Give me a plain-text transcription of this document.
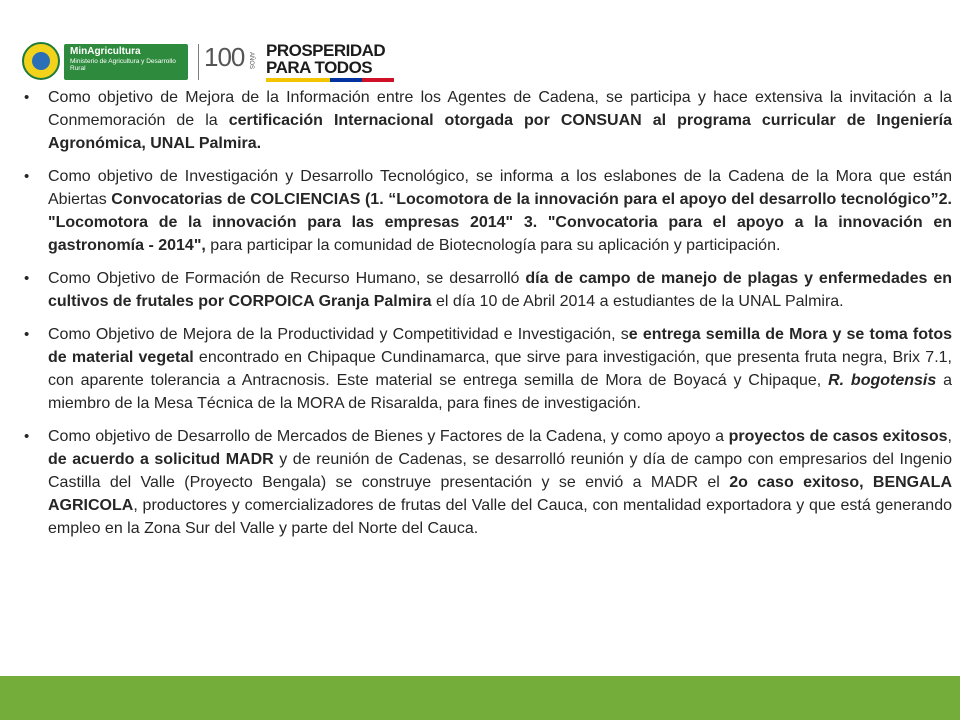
MinAgricultura
Ministerio de Agricultura y Desarrollo Rural	100 AÑOS
PROSPERIDAD
PARA TODOS
• Como objetivo de Mejora de la Información entre los Agentes de Cadena, se participa y hace extensiva la invitación a la Conmemoración de la certificación Internacional otorgada por CONSUAN al programa curricular de Ingeniería Agronómica, UNAL Palmira.
• Como objetivo de Investigación y Desarrollo Tecnológico, se informa a los eslabones de la Cadena de la Mora que están Abiertas Convocatorias de COLCIENCIAS (1. “Locomotora de la innovación para el apoyo del desarrollo tecnológico”2. "Locomotora de la innovación para las empresas 2014" 3. "Convocatoria para el apoyo a la innovación en gastronomía - 2014", para participar la comunidad de Biotecnología para su aplicación y participación.
• Como Objetivo de Formación de Recurso Humano, se desarrolló día de campo de manejo de plagas y enfermedades en cultivos de frutales por CORPOICA Granja Palmira el día 10 de Abril 2014 a estudiantes de la UNAL Palmira.
• Como Objetivo de Mejora de la Productividad y Competitividad e Investigación, se entrega semilla de Mora y se toma fotos de material vegetal encontrado en Chipaque Cundinamarca, que sirve para investigación, que presenta fruta negra, Brix 7.1, con aparente tolerancia a Antracnosis. Este material se entrega semilla de Mora de Boyacá y Chipaque, R. bogotensis a miembro de la Mesa Técnica de la MORA de Risaralda, para fines de investigación.
• Como objetivo de Desarrollo de Mercados de Bienes y Factores de la Cadena, y como apoyo a proyectos de casos exitosos, de acuerdo a solicitud MADR y de reunión de Cadenas, se desarrolló reunión y día de campo con empresarios del Ingenio Castilla del Valle (Proyecto Bengala) se construye presentación y se envió a MADR el 2o caso exitoso, BENGALA AGRICOLA, productores y comercializadores de frutas del Valle del Cauca, con mentalidad exportadora y que está generando empleo en la Zona Sur del Valle y parte del Norte del Cauca.
